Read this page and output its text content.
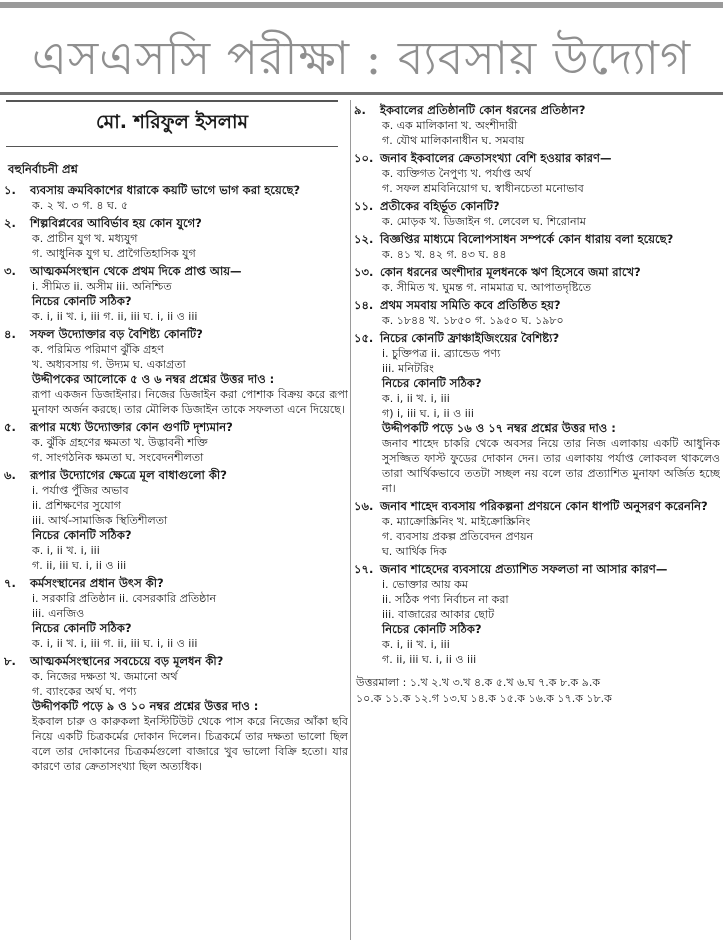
এসএসসি পরীক্ষা : ব্যবসায় উদ্যোগ
মো. শরিফুল ইসলাম
বহুনির্বাচনী প্রশ্ন
১.	ব্যবসায় ক্রমবিকাশের ধারাকে কয়টি ভাগে ভাগ করা হয়েছে?
ক. ২ খ. ৩ গ. ৪ ঘ. ৫
২.	শিল্পবিপ্লবের আবির্ভাব হয় কোন যুগে?
ক. প্রাচীন যুগ খ. মধ্যযুগ
গ. আধুনিক যুগ ঘ. প্রাগৈতিহাসিক যুগ
৩.	আত্মকর্মসংস্থান থেকে প্রথম দিকে প্রাপ্ত আয়—
i. সীমিত ii. অসীম iii. অনিশ্চিত
নিচের কোনটি সঠিক?
ক. i, ii খ. i, iii গ. ii, iii ঘ. i, ii ও iii
৪.	সফল উদ্যোক্তার বড় বৈশিষ্ট্য কোনটি?
ক. পরিমিত পরিমাণ ঝুঁকি গ্রহণ
খ. অধ্যবসায় গ. উদ্যম ঘ. একাগ্রতা
উদ্দীপকের আলোকে ৫ ও ৬ নম্বর প্রশ্নের উত্তর দাও :
রূপা একজন ডিজাইনার। নিজের ডিজাইন করা পোশাক বিক্রয় করে রূপা মুনাফা অর্জন করছে। তার মৌলিক ডিজাইন তাকে সফলতা এনে দিয়েছে।
৫.	রূপার মধ্যে উদ্যোক্তার কোন গুণটি দৃশ্যমান?
ক. ঝুঁকি গ্রহণের ক্ষমতা খ. উদ্ভাবনী শক্তি
গ. সাংগঠনিক ক্ষমতা ঘ. সংবেদনশীলতা
৬.	রূপার উদ্যোগের ক্ষেত্রে মূল বাধাগুলো কী?
i. পর্যাপ্ত পুঁজির অভাব
ii. প্রশিক্ষণের সুযোগ
iii. আর্থ-সামাজিক স্থিতিশীলতা
নিচের কোনটি সঠিক?
ক. i, ii খ. i, iii
গ. ii, iii ঘ. i, ii ও iii
৭.	কর্মসংস্থানের প্রধান উৎস কী?
i. সরকারি প্রতিষ্ঠান ii. বেসরকারি প্রতিষ্ঠান
iii. এনজিও
নিচের কোনটি সঠিক?
ক. i, ii খ. i, iii গ. ii, iii ঘ. i, ii ও iii
৮.	আত্মকর্মসংস্থানের সবচেয়ে বড় মূলধন কী?
ক. নিজের দক্ষতা খ. জমানো অর্থ
গ. ব্যাংকের অর্থ ঘ. পণ্য
উদ্দীপকটি পড়ে ৯ ও ১০ নম্বর প্রশ্নের উত্তর দাও :
ইকবাল চারু ও কারুকলা ইনস্টিটিউট থেকে পাস করে নিজের আঁকা ছবি নিয়ে একটি চিত্রকর্মের দোকান দিলেন। চিত্রকর্মে তার দক্ষতা ভালো ছিল বলে তার দোকানের চিত্রকর্মগুলো বাজারে খুব ভালো বিক্রি হতো। যার কারণে তার ক্রেতাসংখ্যা ছিল অত্যধিক।
৯.	ইকবালের প্রতিষ্ঠানটি কোন ধরনের প্রতিষ্ঠান?
ক. এক মালিকানা খ. অংশীদারী
গ. যৌথ মালিকানাধীন ঘ. সমবায়
১০. জনাব ইকবালের ক্রেতাসংখ্যা বেশি হওয়ার কারণ—
ক. ব্যক্তিগত নৈপুণ্য খ. পর্যাপ্ত অর্থ
গ. সফল শ্রমবিনিয়োগ ঘ. স্বাধীনচেতা মনোভাব
১১. প্রতীকের বহির্ভূত কোনটি?
ক. মোড়ক খ. ডিজাইন গ. লেবেল ঘ. শিরোনাম
১২. বিজ্ঞপ্তির মাধ্যমে বিলোপসাধন সম্পর্কে কোন ধারায় বলা হয়েছে?
ক. ৪১ খ. ৪২ গ. ৪৩ ঘ. ৪৪
১৩. কোন ধরনের অংশীদার মূলধনকে ঋণ হিসেবে জমা রাখে?
ক. সীমিত খ. ঘুমন্ত গ. নামমাত্র ঘ. আপাতদৃষ্টিতে
১৪. প্রথম সমবায় সমিতি কবে প্রতিষ্ঠিত হয়?
ক. ১৮৪৪ খ. ১৮৫০ গ. ১৯৫০ ঘ. ১৯৮০
১৫. নিচের কোনটি ফ্রাঞ্চাইজিংয়ের বৈশিষ্ট্য?
i. চুক্তিপত্র ii. ব্র্যান্ডেড পণ্য
iii. মনিটরিং
নিচের কোনটি সঠিক?
ক. i, ii খ. i, iii
গ) i, iii ঘ. i, ii ও iii
উদ্দীপকটি পড়ে ১৬ ও ১৭ নম্বর প্রশ্নের উত্তর দাও :
জনাব শাহেদ চাকরি থেকে অবসর নিয়ে তার নিজ এলাকায় একটি আধুনিক সুসজ্জিত ফাস্ট ফুডের দোকান দেন। তার এলাকায় পর্যাপ্ত লোকবল থাকলেও তারা আর্থিকভাবে ততটা সচ্ছল নয় বলে তার প্রত্যাশিত মুনাফা অর্জিত হচ্ছে না।
১৬. জনাব শাহেদ ব্যবসায় পরিকল্পনা প্রণয়নে কোন ধাপটি অনুসরণ করেননি?
ক. ম্যাক্রোস্ক্রিনিং খ. মাইক্রোস্ক্রিনিং
গ. ব্যবসায় প্রকল্প প্রতিবেদন প্রণয়ন
ঘ. আর্থিক দিক
১৭. জনাব শাহেদের ব্যবসায়ে প্রত্যাশিত সফলতা না আসার কারণ—
i. ভোক্তার আয় কম
ii. সঠিক পণ্য নির্বাচন না করা
iii. বাজারের আকার ছোট
নিচের কোনটি সঠিক?
ক. i, ii খ. i, iii
গ. ii, iii ঘ. i, ii ও iii
উত্তরমালা : ১.খ ২.খ ৩.খ ৪.ক ৫.খ ৬.ঘ ৭.ক ৮.ক ৯.ক
১০.ক ১১.ক ১২.গ ১৩.ঘ ১৪.ক ১৫.ক ১৬.ক ১৭.ক ১৮.ক
